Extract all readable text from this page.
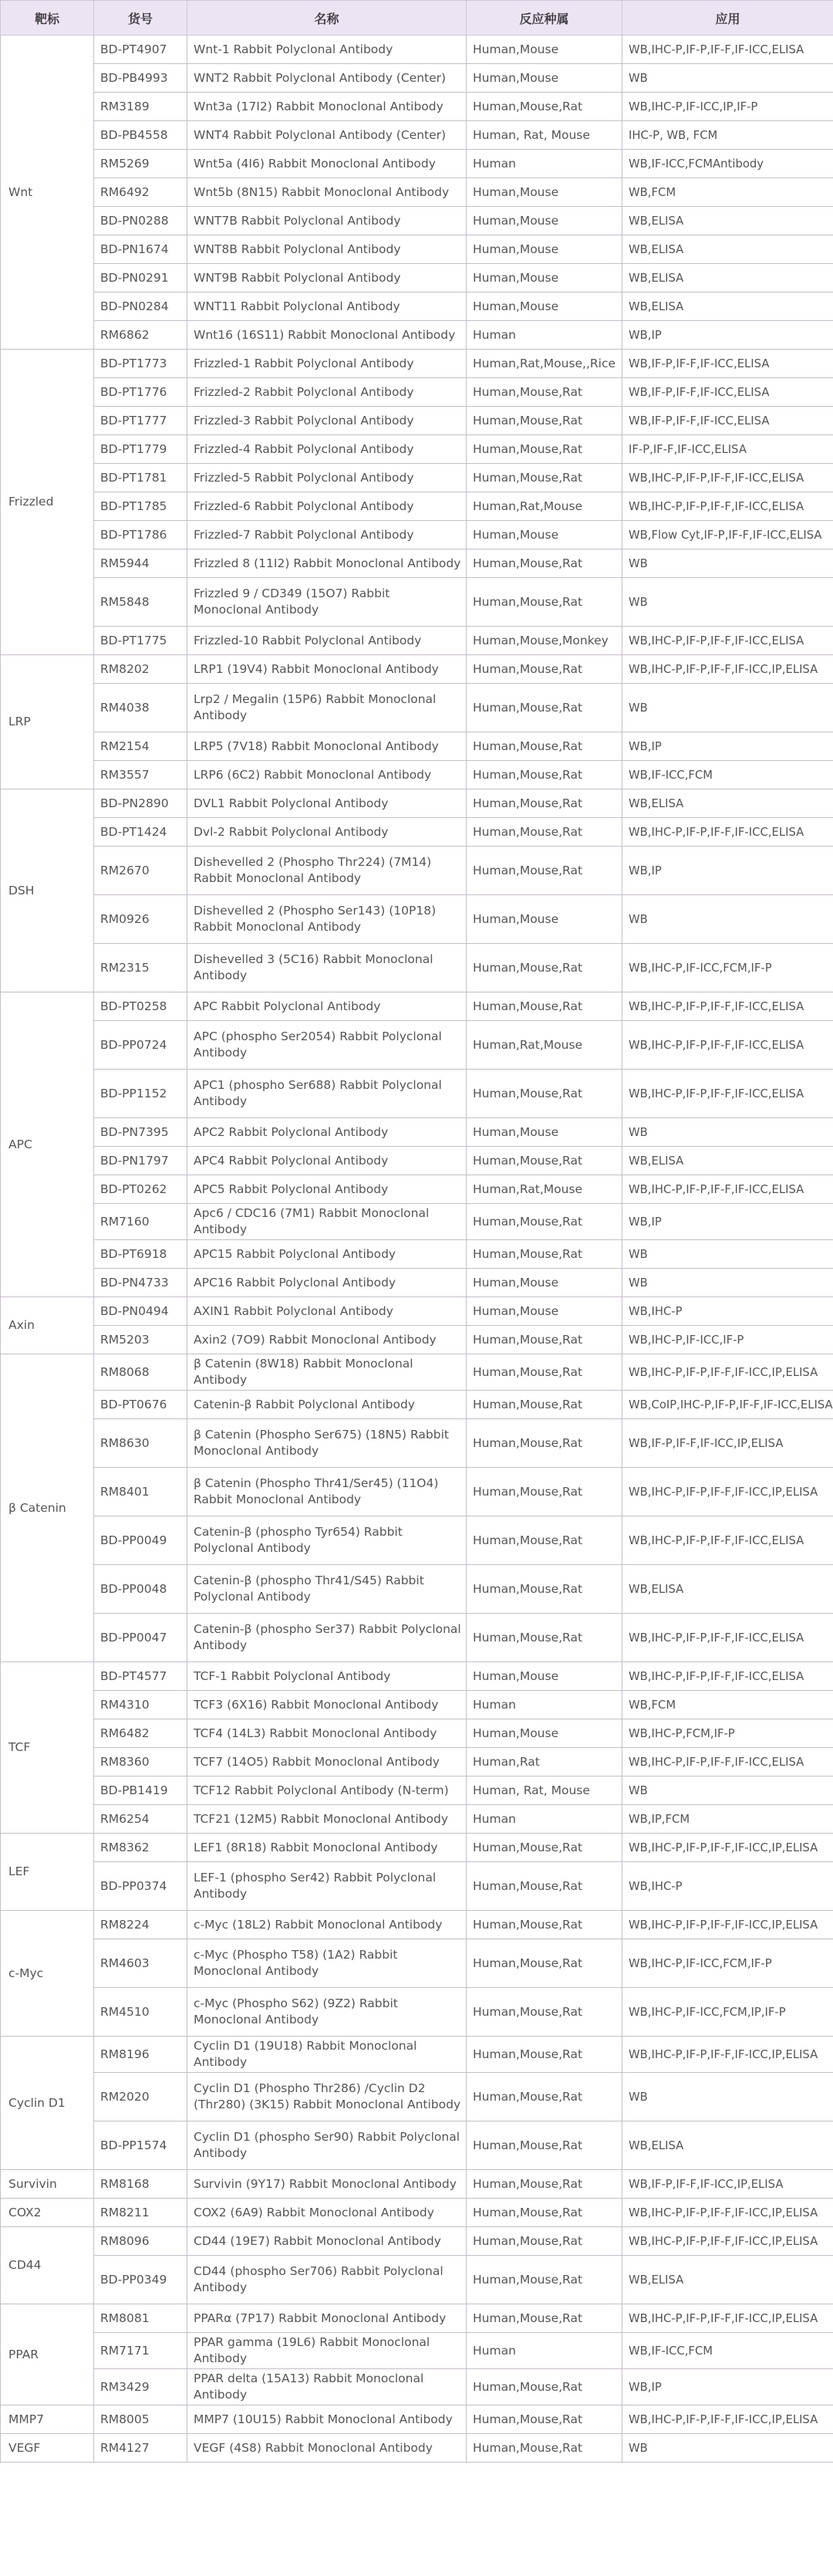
靶标	货号	名称	反应种属	应用
Wnt	BD-PT4907	Wnt-1 Rabbit Polyclonal Antibody	Human,Mouse	WB,IHC-P,IF-P,IF-F,IF-ICC,ELISA
	BD-PB4993	WNT2 Rabbit Polyclonal Antibody (Center)	Human,Mouse	WB
	RM3189	Wnt3a (17I2) Rabbit Monoclonal Antibody	Human,Mouse,Rat	WB,IHC-P,IF-ICC,IP,IF-P
	BD-PB4558	WNT4 Rabbit Polyclonal Antibody (Center)	Human, Rat, Mouse	IHC-P, WB, FCM
	RM5269	Wnt5a (4I6) Rabbit Monoclonal Antibody	Human	WB,IF-ICC,FCMAntibody
	RM6492	Wnt5b (8N15) Rabbit Monoclonal Antibody	Human,Mouse	WB,FCM
	BD-PN0288	WNT7B Rabbit Polyclonal Antibody	Human,Mouse	WB,ELISA
	BD-PN1674	WNT8B Rabbit Polyclonal Antibody	Human,Mouse	WB,ELISA
	BD-PN0291	WNT9B Rabbit Polyclonal Antibody	Human,Mouse	WB,ELISA
	BD-PN0284	WNT11 Rabbit Polyclonal Antibody	Human,Mouse	WB,ELISA
	RM6862	Wnt16 (16S11) Rabbit Monoclonal Antibody	Human	WB,IP
Frizzled	BD-PT1773	Frizzled-1 Rabbit Polyclonal Antibody	Human,Rat,Mouse,,Rice	WB,IF-P,IF-F,IF-ICC,ELISA
	BD-PT1776	Frizzled-2 Rabbit Polyclonal Antibody	Human,Mouse,Rat	WB,IF-P,IF-F,IF-ICC,ELISA
	BD-PT1777	Frizzled-3 Rabbit Polyclonal Antibody	Human,Mouse,Rat	WB,IF-P,IF-F,IF-ICC,ELISA
	BD-PT1779	Frizzled-4 Rabbit Polyclonal Antibody	Human,Mouse,Rat	IF-P,IF-F,IF-ICC,ELISA
	BD-PT1781	Frizzled-5 Rabbit Polyclonal Antibody	Human,Mouse,Rat	WB,IHC-P,IF-P,IF-F,IF-ICC,ELISA
	BD-PT1785	Frizzled-6 Rabbit Polyclonal Antibody	Human,Rat,Mouse	WB,IHC-P,IF-P,IF-F,IF-ICC,ELISA
	BD-PT1786	Frizzled-7 Rabbit Polyclonal Antibody	Human,Mouse	WB,Flow Cyt,IF-P,IF-F,IF-ICC,ELISA
	RM5944	Frizzled 8 (11I2) Rabbit Monoclonal Antibody	Human,Mouse,Rat	WB
	RM5848	Frizzled 9 / CD349 (15O7) Rabbit Monoclonal Antibody	Human,Mouse,Rat	WB
	BD-PT1775	Frizzled-10 Rabbit Polyclonal Antibody	Human,Mouse,Monkey	WB,IHC-P,IF-P,IF-F,IF-ICC,ELISA
LRP	RM8202	LRP1 (19V4) Rabbit Monoclonal Antibody	Human,Mouse,Rat	WB,IHC-P,IF-P,IF-F,IF-ICC,IP,ELISA
	RM4038	Lrp2 / Megalin (15P6) Rabbit Monoclonal Antibody	Human,Mouse,Rat	WB
	RM2154	LRP5 (7V18) Rabbit Monoclonal Antibody	Human,Mouse,Rat	WB,IP
	RM3557	LRP6 (6C2) Rabbit Monoclonal Antibody	Human,Mouse,Rat	WB,IF-ICC,FCM
DSH	BD-PN2890	DVL1 Rabbit Polyclonal Antibody	Human,Mouse,Rat	WB,ELISA
	BD-PT1424	Dvl-2 Rabbit Polyclonal Antibody	Human,Mouse,Rat	WB,IHC-P,IF-P,IF-F,IF-ICC,ELISA
	RM2670	Dishevelled 2 (Phospho Thr224) (7M14) Rabbit Monoclonal Antibody	Human,Mouse,Rat	WB,IP
	RM0926	Dishevelled 2 (Phospho Ser143) (10P18) Rabbit Monoclonal Antibody	Human,Mouse	WB
	RM2315	Dishevelled 3 (5C16) Rabbit Monoclonal Antibody	Human,Mouse,Rat	WB,IHC-P,IF-ICC,FCM,IF-P
APC	BD-PT0258	APC Rabbit Polyclonal Antibody	Human,Mouse,Rat	WB,IHC-P,IF-P,IF-F,IF-ICC,ELISA
	BD-PP0724	APC (phospho Ser2054) Rabbit Polyclonal Antibody	Human,Rat,Mouse	WB,IHC-P,IF-P,IF-F,IF-ICC,ELISA
	BD-PP1152	APC1 (phospho Ser688) Rabbit Polyclonal Antibody	Human,Mouse,Rat	WB,IHC-P,IF-P,IF-F,IF-ICC,ELISA
	BD-PN7395	APC2 Rabbit Polyclonal Antibody	Human,Mouse	WB
	BD-PN1797	APC4 Rabbit Polyclonal Antibody	Human,Mouse,Rat	WB,ELISA
	BD-PT0262	APC5 Rabbit Polyclonal Antibody	Human,Rat,Mouse	WB,IHC-P,IF-P,IF-F,IF-ICC,ELISA
	RM7160	Apc6 / CDC16 (7M1) Rabbit Monoclonal Antibody	Human,Mouse,Rat	WB,IP
	BD-PT6918	APC15 Rabbit Polyclonal Antibody	Human,Mouse,Rat	WB
	BD-PN4733	APC16 Rabbit Polyclonal Antibody	Human,Mouse	WB
Axin	BD-PN0494	AXIN1 Rabbit Polyclonal Antibody	Human,Mouse	WB,IHC-P
	RM5203	Axin2 (7O9) Rabbit Monoclonal Antibody	Human,Mouse,Rat	WB,IHC-P,IF-ICC,IF-P
β Catenin	RM8068	β Catenin (8W18) Rabbit Monoclonal Antibody	Human,Mouse,Rat	WB,IHC-P,IF-P,IF-F,IF-ICC,IP,ELISA
	BD-PT0676	Catenin-β Rabbit Polyclonal Antibody	Human,Mouse,Rat	WB,CoIP,IHC-P,IF-P,IF-F,IF-ICC,ELISA
	RM8630	β Catenin (Phospho Ser675) (18N5) Rabbit Monoclonal Antibody	Human,Mouse,Rat	WB,IF-P,IF-F,IF-ICC,IP,ELISA
	RM8401	β Catenin (Phospho Thr41/Ser45) (11O4) Rabbit Monoclonal Antibody	Human,Mouse,Rat	WB,IHC-P,IF-P,IF-F,IF-ICC,IP,ELISA
	BD-PP0049	Catenin-β (phospho Tyr654) Rabbit Polyclonal Antibody	Human,Mouse,Rat	WB,IHC-P,IF-P,IF-F,IF-ICC,ELISA
	BD-PP0048	Catenin-β (phospho Thr41/S45) Rabbit Polyclonal Antibody	Human,Mouse,Rat	WB,ELISA
	BD-PP0047	Catenin-β (phospho Ser37) Rabbit Polyclonal Antibody	Human,Mouse,Rat	WB,IHC-P,IF-P,IF-F,IF-ICC,ELISA
TCF	BD-PT4577	TCF-1 Rabbit Polyclonal Antibody	Human,Mouse	WB,IHC-P,IF-P,IF-F,IF-ICC,ELISA
	RM4310	TCF3 (6X16) Rabbit Monoclonal Antibody	Human	WB,FCM
	RM6482	TCF4 (14L3) Rabbit Monoclonal Antibody	Human,Mouse	WB,IHC-P,FCM,IF-P
	RM8360	TCF7 (14O5) Rabbit Monoclonal Antibody	Human,Rat	WB,IHC-P,IF-P,IF-F,IF-ICC,ELISA
	BD-PB1419	TCF12 Rabbit Polyclonal Antibody (N-term)	Human, Rat, Mouse	WB
	RM6254	TCF21 (12M5) Rabbit Monoclonal Antibody	Human	WB,IP,FCM
LEF	RM8362	LEF1 (8R18) Rabbit Monoclonal Antibody	Human,Mouse,Rat	WB,IHC-P,IF-P,IF-F,IF-ICC,IP,ELISA
	BD-PP0374	LEF-1 (phospho Ser42) Rabbit Polyclonal Antibody	Human,Mouse,Rat	WB,IHC-P
c-Myc	RM8224	c-Myc (18L2) Rabbit Monoclonal Antibody	Human,Mouse,Rat	WB,IHC-P,IF-P,IF-F,IF-ICC,IP,ELISA
	RM4603	c-Myc (Phospho T58) (1A2) Rabbit Monoclonal Antibody	Human,Mouse,Rat	WB,IHC-P,IF-ICC,FCM,IF-P
	RM4510	c-Myc (Phospho S62) (9Z2) Rabbit Monoclonal Antibody	Human,Mouse,Rat	WB,IHC-P,IF-ICC,FCM,IP,IF-P
Cyclin D1	RM8196	Cyclin D1 (19U18) Rabbit Monoclonal Antibody	Human,Mouse,Rat	WB,IHC-P,IF-P,IF-F,IF-ICC,IP,ELISA
	RM2020	Cyclin D1 (Phospho Thr286) /Cyclin D2 (Thr280) (3K15) Rabbit Monoclonal Antibody	Human,Mouse,Rat	WB
	BD-PP1574	Cyclin D1 (phospho Ser90) Rabbit Polyclonal Antibody	Human,Mouse,Rat	WB,ELISA
Survivin	RM8168	Survivin (9Y17) Rabbit Monoclonal Antibody	Human,Mouse,Rat	WB,IF-P,IF-F,IF-ICC,IP,ELISA
COX2	RM8211	COX2 (6A9) Rabbit Monoclonal Antibody	Human,Mouse,Rat	WB,IHC-P,IF-P,IF-F,IF-ICC,IP,ELISA
CD44	RM8096	CD44 (19E7) Rabbit Monoclonal Antibody	Human,Mouse,Rat	WB,IHC-P,IF-P,IF-F,IF-ICC,IP,ELISA
	BD-PP0349	CD44 (phospho Ser706) Rabbit Polyclonal Antibody	Human,Mouse,Rat	WB,ELISA
PPAR	RM8081	PPARα (7P17) Rabbit Monoclonal Antibody	Human,Mouse,Rat	WB,IHC-P,IF-P,IF-F,IF-ICC,IP,ELISA
	RM7171	PPAR gamma (19L6) Rabbit Monoclonal Antibody	Human	WB,IF-ICC,FCM
	RM3429	PPAR delta (15A13) Rabbit Monoclonal Antibody	Human,Mouse,Rat	WB,IP
MMP7	RM8005	MMP7 (10U15) Rabbit Monoclonal Antibody	Human,Mouse,Rat	WB,IHC-P,IF-P,IF-F,IF-ICC,IP,ELISA
VEGF	RM4127	VEGF (4S8) Rabbit Monoclonal Antibody	Human,Mouse,Rat	WB
